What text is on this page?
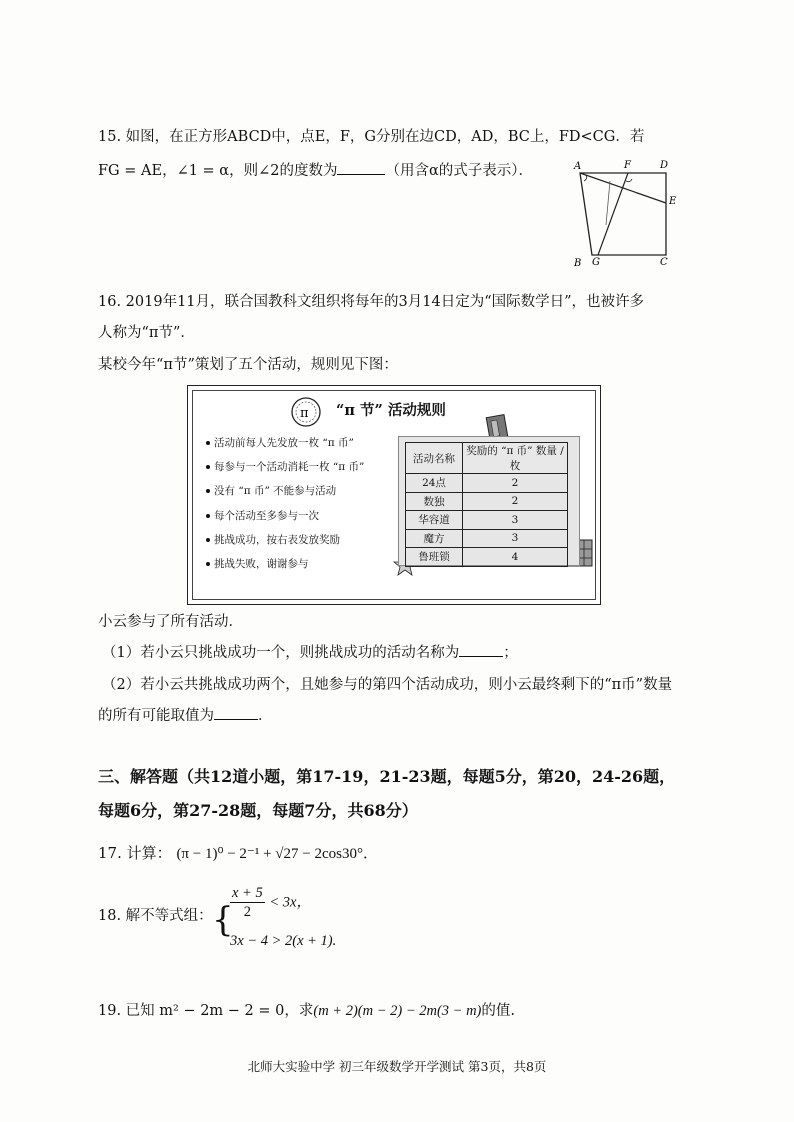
15. 如图，在正方形ABCD中，点E，F，G分别在边CD，AD，BC上，FD<CG．若
FG = AE，∠1 = α，则∠2的度数为	（用含α的式子表示）．	A	F	D
E
B G	C
16. 2019年11月，联合国教科文组织将每年的3月14日定为“国际数学日”，也被许多
人称为“π节”．
某校今年“π节”策划了五个活动，规则见下图：
π “π 节” 活动规则
活动前每人先发放一枚 “π 币”
每参与一个活动消耗一枚 “π 币”
没有 “π 币” 不能参与活动
每个活动至多参与一次
挑战成功，按右表发放奖励
挑战失败，谢谢参与
活动名称	奖励的 “π 币” 数量 / 枚
24点	2
数独	2
华容道	3
魔方	3
鲁班锁	4
小云参与了所有活动．
（1）若小云只挑战成功一个，则挑战成功的活动名称为	；
（2）若小云共挑战成功两个，且她参与的第四个活动成功，则小云最终剩下的“π币”数量
的所有可能取值为	．
三、解答题（共12道小题，第17-19，21-23题，每题5分，第20，24-26题，
每题6分，第27-28题，每题7分，共68分）
17. 计算： (π − 1)⁰ − 2⁻¹ + √27 − 2cos30°．
18. 解不等式组： {
$\frac{x + 5}{2} < 3x$，
3x − 4 > 2(x + 1).
19. 已知 m² − 2m − 2 = 0，求(m + 2)(m − 2) − 2m(3 − m)的值.
北师大实验中学 初三年级数学开学测试 第3页，共8页
